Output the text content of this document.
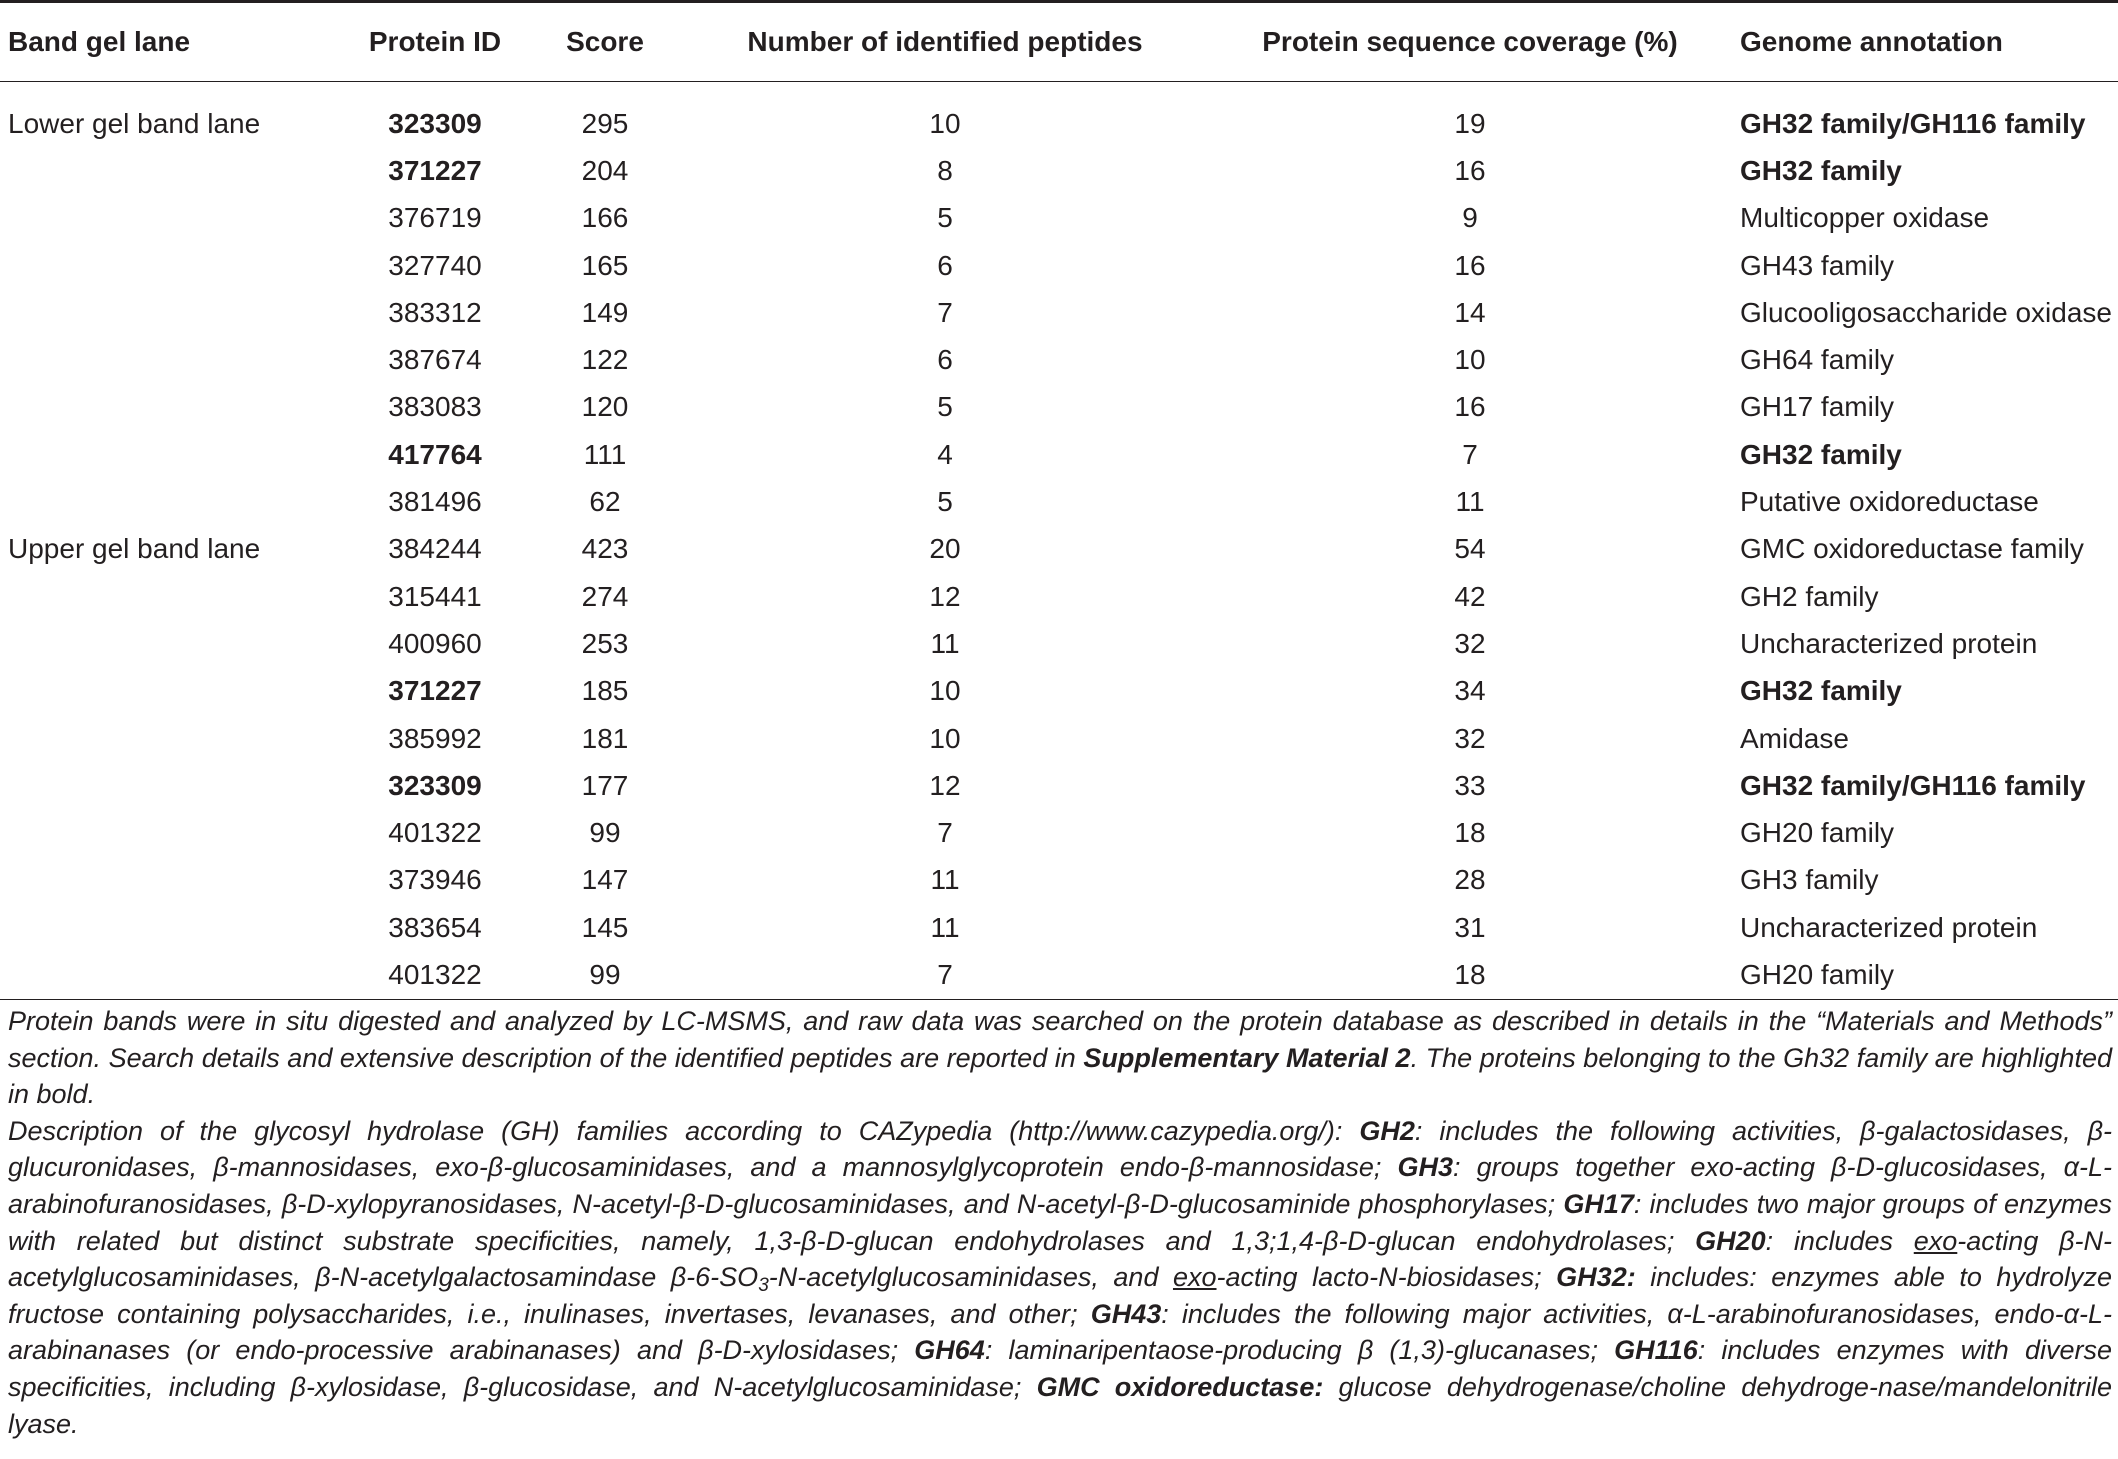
Band gel lane	Protein ID	Score	Number of identified peptides	Protein sequence coverage (%)	Genome annotation
Lower gel band lane	323309	295	10	19	GH32 family/GH116 family
	371227	204	8	16	GH32 family
	376719	166	5	9	Multicopper oxidase
	327740	165	6	16	GH43 family
	383312	149	7	14	Glucooligosaccharide oxidase
	387674	122	6	10	GH64 family
	383083	120	5	16	GH17 family
	417764	111	4	7	GH32 family
	381496	62	5	11	Putative oxidoreductase
Upper gel band lane	384244	423	20	54	GMC oxidoreductase family
	315441	274	12	42	GH2 family
	400960	253	11	32	Uncharacterized protein
	371227	185	10	34	GH32 family
	385992	181	10	32	Amidase
	323309	177	12	33	GH32 family/GH116 family
	401322	99	7	18	GH20 family
	373946	147	11	28	GH3 family
	383654	145	11	31	Uncharacterized protein
	401322	99	7	18	GH20 family

Protein bands were in situ digested and analyzed by LC-MSMS, and raw data was searched on the protein database as described in details in the “Materials and Methods” section. Search details and extensive description of the identified peptides are reported in Supplementary Material 2. The proteins belonging to the Gh32 family are highlighted in bold.

Description of the glycosyl hydrolase (GH) families according to CAZypedia (http://www.cazypedia.org/): GH2: includes the following activities, β-galactosidases, β-glucuronidases, β-mannosidases, exo-β-glucosaminidases, and a mannosylglycoprotein endo-β-mannosidase; GH3: groups together exo-acting β-D-glucosidases, α-L-arabinofuranosidases, β-D-xylopyranosidases, N-acetyl-β-D-glucosaminidases, and N-acetyl-β-D-glucosaminide phosphorylases; GH17: includes two major groups of enzymes with related but distinct substrate specificities, namely, 1,3-β-D-glucan endohydrolases and 1,3;1,4-β-D-glucan endohydrolases; GH20: includes exo-acting β-N-acetylglucosaminidases, β-N-acetylgalactosamindase $\beta-6-SO_3-N$-acetylglucosaminidases, and exo-acting lacto-N-biosidases; GH32: includes: enzymes able to hydrolyze fructose containing polysaccharides, i.e., inulinases, invertases, levanases, and other; GH43: includes the following major activities, α-L-arabinofuranosidases, endo-α-L-arabinanases (or endo-processive arabinanases) and β-D-xylosidases; GH64: laminaripentaose-producing β (1,3)-glucanases; GH116: includes enzymes with diverse specificities, including β-xylosidase, β-glucosidase, and N-acetylglucosaminidase; GMC oxidoreductase: glucose dehydrogenase/choline dehydroge-nase/mandelonitrile lyase.
